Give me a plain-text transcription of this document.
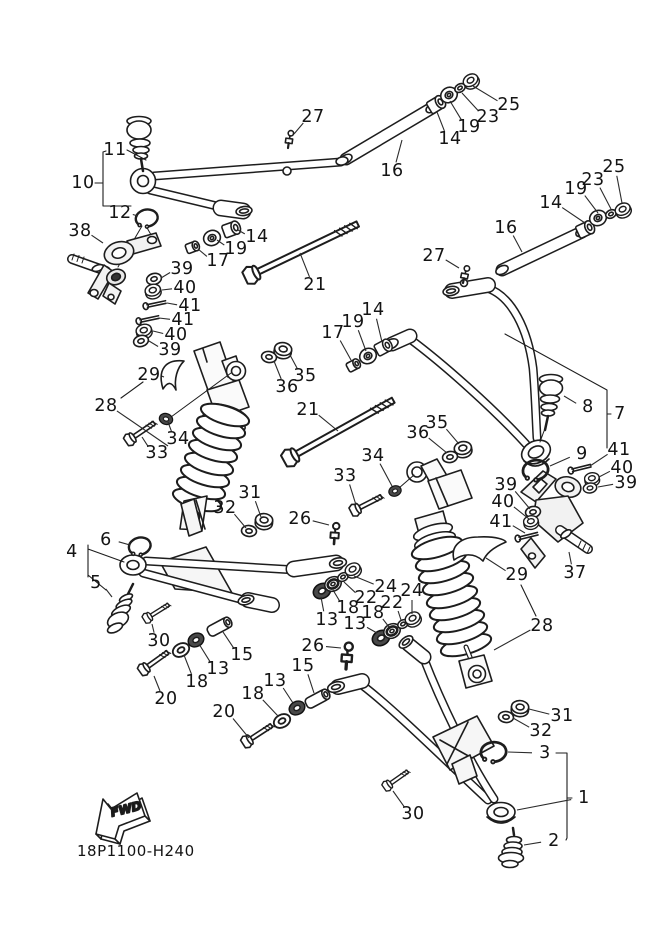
FWD
18P1100-H240
27
16
14
19
23
25
25
23
19
14
16
27
11
10
12
38	14
19
17
39
40
41
41
40
39
21
29
28
34
33
36
35
17
19
14
21
36
35
34
33
8 7
9 41
40
39
39
40
41
37
29
28
31
32
26
6
4
5
30
13
18
22
24
13
18
22
24
26
15
13
18
20
15
13
18
20	31
32
3
1
2
30
